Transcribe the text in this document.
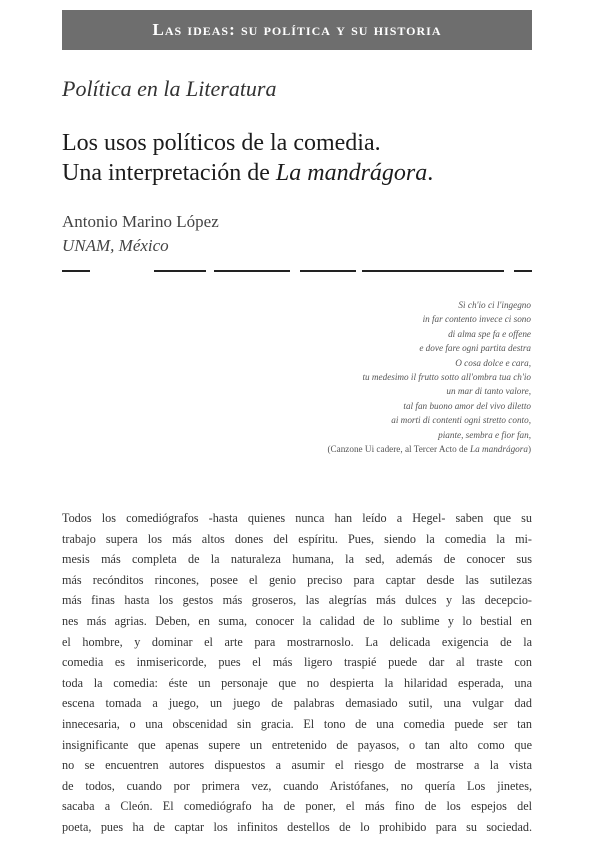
Las ideas: su política y su historia
Política en la Literatura
Los usos políticos de la comedia.
Una interpretación de La mandrágora.
Antonio Marino López
UNAM, México
Sì ch'io ci l'ingegno
in far contento invece ci sono
di alma spe fa e offene
e dove fare ogni partita destra
O cosa dolce e cara,
tu medesimo il frutto sotto all'ombra tua ch'io
un mar di tanto valore,
tal fan buono amor del vivo diletto
ai morti di contenti ogni stretto conto,
piante, sembra e fior fan,
(Canzone Ui cadere, al Tercer Acto de La mandrágora)
Todos los comediógrafos -hasta quienes nunca han leído a Hegel- saben que su
trabajo supera los más altos dones del espíritu. Pues, siendo la comedia la mi-
mesis más completa de la naturaleza humana, la sed, además de conocer sus
más recónditos rincones, posee el genio preciso para captar desde las sutilezas
más finas hasta los gestos más groseros, las alegrías más dulces y las decepcio-
nes más agrias. Deben, en suma, conocer la calidad de lo sublime y lo bestial en
el hombre, y dominar el arte para mostrarnoslo. La delicada exigencia de la
comedia es inmisericorde, pues el más ligero traspié puede dar al traste con
toda la comedia: éste un personaje que no despierta la hilaridad esperada, una
escena tomada a juego, un juego de palabras demasiado sutil, una vulgar dad
innecesaria, o una obscenidad sin gracia. El tono de una comedia puede ser tan
insignificante que apenas supere un entretenido de payasos, o tan alto como que
no se encuentren autores dispuestos a asumir el riesgo de mostrarse a la vista
de todos, cuando por primera vez, cuando Aristófanes, no quería Los jinetes,
sacaba a Cleón. El comediógrafo ha de poner, el más fino de los espejos del
poeta, pues ha de captar los infinitos destellos de lo prohibido para su sociedad.
